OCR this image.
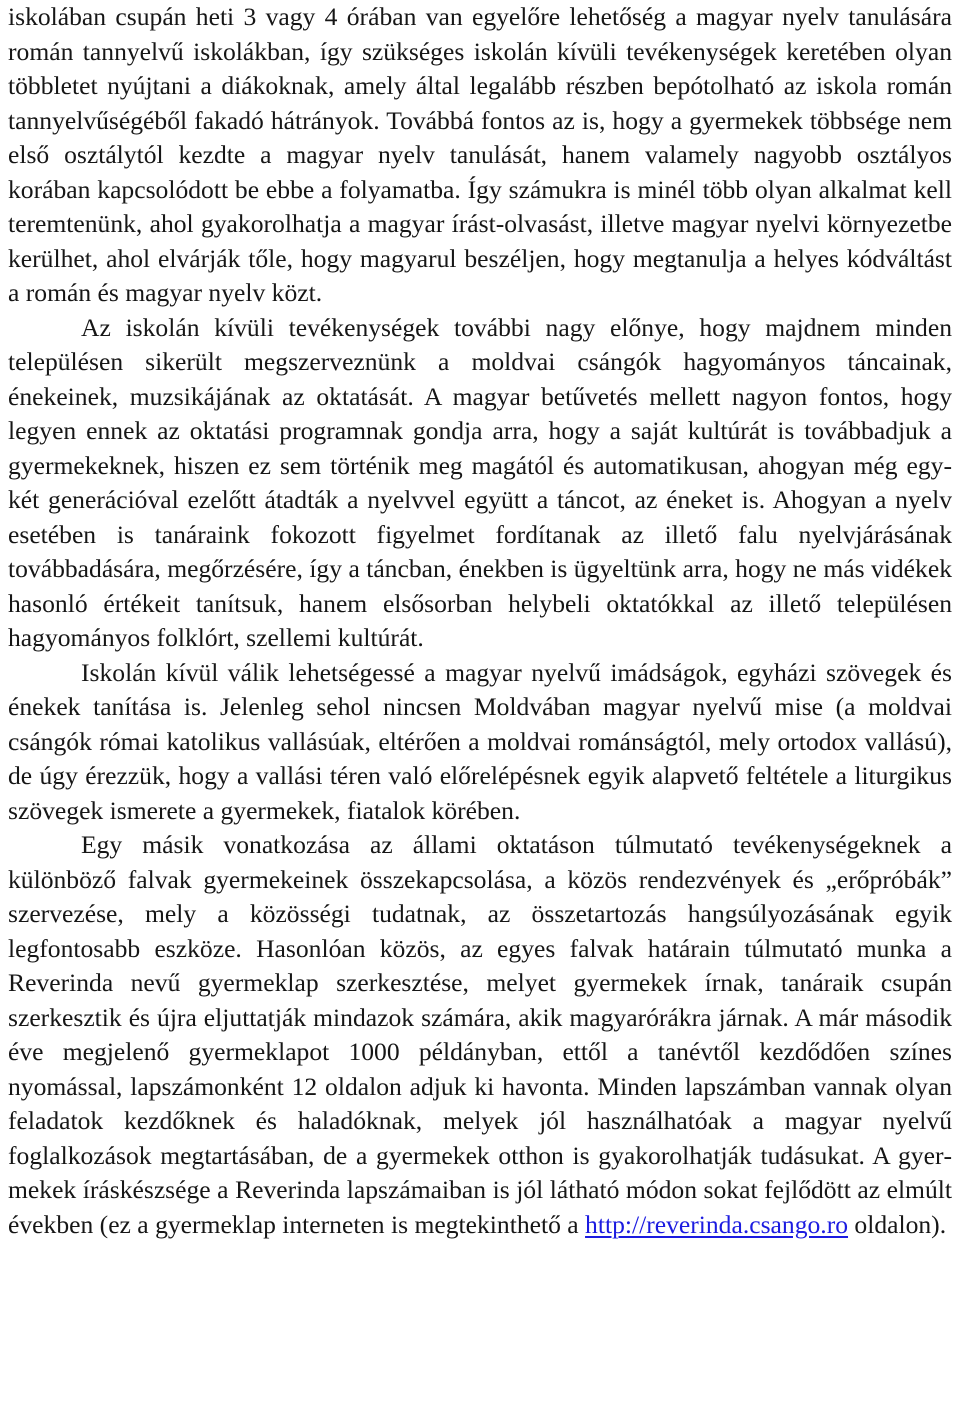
iskolában csupán heti 3 vagy 4 órában van egyelőre lehetőség a magyar nyelv tanulására román tannyelvű iskolákban, így szükséges iskolán kívüli tevékenységek keretében olyan többletet nyújtani a diákoknak, amely által legalább részben bepótolható az iskola román tannyelvűségéből fakadó hátrányok. Továbbá fontos az is, hogy a gyermekek többsége nem első osztálytól kezdte a magyar nyelv tanulását, hanem valamely nagyobb osztályos korában kapcsolódott be ebbe a folyamatba. Így számukra is minél több olyan alkalmat kell teremtenünk, ahol gyakorolhatja a magyar írást-olvasást, illetve magyar nyelvi környezetbe kerülhet, ahol elvárják tőle, hogy magyarul beszéljen, hogy megtanulja a helyes kódváltást a román és magyar nyelv közt.

Az iskolán kívüli tevékenységek további nagy előnye, hogy majdnem minden településen sikerült megszerveznünk a moldvai csángók hagyományos táncainak, énekeinek, muzsikájának az oktatását. A magyar betűvetés mellett nagyon fontos, hogy legyen ennek az oktatási programnak gondja arra, hogy a saját kultúrát is továbbadjuk a gyermekeknek, hiszen ez sem történik meg magától és automatikusan, ahogyan még egy-két generációval ezelőtt átadták a nyelvvel együtt a táncot, az éneket is. Ahogyan a nyelv esetében is tanáraink fokozott figyelmet fordítanak az illető falu nyelvjárásának továbbadására, megőrzésére, így a táncban, énekben is ügyeltünk arra, hogy ne más vidékek hasonló értékeit tanítsuk, hanem elsősorban helybeli oktatókkal az illető településen hagyományos folklórt, szellemi kultúrát.

Iskolán kívül válik lehetségessé a magyar nyelvű imádságok, egyházi szövegek és énekek tanítása is. Jelenleg sehol nincsen Moldvában magyar nyelvű mise (a moldvai csángók római katolikus vallásúak, eltérően a moldvai románságtól, mely ortodox vallású), de úgy érezzük, hogy a vallási téren való előrelépésnek egyik alapvető feltétele a liturgikus szövegek ismerete a gyermekek, fiatalok körében.

Egy másik vonatkozása az állami oktatáson túlmutató tevékenységeknek a különböző falvak gyermekeinek összekapcsolása, a közös rendezvények és „erőpróbák” szervezése, mely a közösségi tudatnak, az összetartozás hangsúlyozásának egyik legfontosabb eszköze. Hasonlóan közös, az egyes falvak határain túlmutató munka a Reverinda nevű gyermeklap szerkesztése, melyet gyermekek írnak, tanáraik csupán szerkesztik és újra eljuttatják mindazok számára, akik magyarórákra járnak. A már második éve megjelenő gyermeklapot 1000 példányban, ettől a tanévtől kezdődően színes nyomással, lapszámonként 12 oldalon adjuk ki havonta. Minden lapszámban vannak olyan feladatok kezdőknek és haladóknak, melyek jól használhatóak a magyar nyelvű foglalkozások megtartásában, de a gyermekek otthon is gyakorolhatják tudásukat. A gyermekek íráskészsége a Reverinda lapszámaiban is jól látható módon sokat fejlődött az elmúlt években (ez a gyermeklap interneten is megtekinthető a http://reverinda.csango.ro oldalon).
